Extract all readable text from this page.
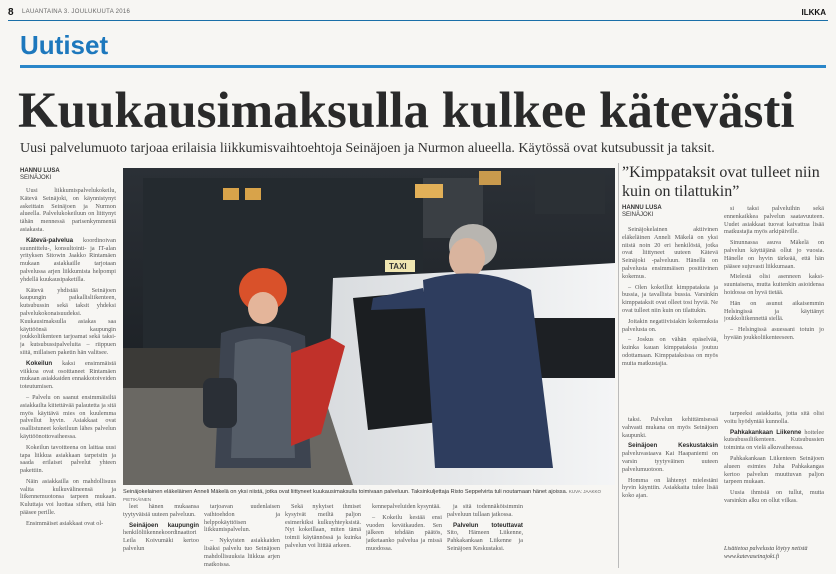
8 LAUANTAINA 3. JOULUKUUTA 2016	ILKKA
Uutiset
Kuukausimaksulla kulkee kätevästi
Uusi palvelumuoto tarjoaa erilaisia liikkumisvaihtoehtoja Seinäjoen ja Nurmon alueella. Käytössä ovat kutsubussit ja taksit.
HANNU LUSA
SEINÄJOKI

Uusi liikkumispalvelukokeilu, Kätevä Seinäjoki, on käynnistynyt askeittain Seinäjoen ja Nurmon alueella. Palvelukokeiluun on liittynyt tähän mennessä parisenkymmentä asiakasta.

Kätevä-palvelua koordinoivan suunnittelu-, konsultointi- ja IT-alan yrityksen Sitowin Jaakko Rintamäen mukaan asiakkaille tarjotaan palvelussa arjen liikkumista helpompi yhdellä kuukausipaketilla.

Kätevä yhdistää Seinäjoen kaupungin paikallisliikenteen, kutsubussin sekä taksit yhdeksi palvelukokonaisuudeksi. Kuukausimaksulla asiakas saa käyttöönsä kaupungin joukkoliikenteen tarjoamat sekä taksi- ja kutsubussipalveluita – riippuen siitä, millaisen paketin hän valitsee.

Kokeilun kaksi ensimmäistä viikkoa ovat osoittaneet Rintamäen mukaan asiakkaiden ennakkotoiveiden toteutumisen.

– Palvelu on saanut ensimmäisiltä asiakkailta kiitettävää palautetta ja sitä myös käyttävä mies on kuulemma palvellut hyvin. Asiakkaat ovat osallistuneet kokeiluun lähes palvelun käyttöönottovaiheessa.

Kokeilun tavoitteena on laittaa uusi tapa liikkua asiakkaan tarpeisiin ja saada erilaiset palvelut yhteen pakettiin.

Näin asiakkailla on mahdollisuus valita kulkuvälineensä ja liikennemuotonsa tarpeen mukaan. Kuluttaja voi luottaa siihen, että hän pääsee perille.

Ensimmäiset asiakkaat ovat ol-

TAXI
Seinäjokelainen eläkeläinen Anneli Mäkelä on yksi niistä, jotka ovat liittyneet kuukausimaksulla toimivaan palveluun. Taksinkuljettaja Risto Seppelvirta tuli noutamaan hänet ajoissa. KUVA: JAAKKO PIETIKÄINEN

leet hänen mukaansa tyytyväisiä uuteen palveluun.

Seinäjoen kaupungin henkilöliikennekoordinaattori Leila Koivumäki kertoo palvelun

tarjoavan uudenlaisen vaihtoehdon ja helppokäyttöisen liikkumispalvelun.

– Nykyisten asiakkaiden lisäksi palvelu tuo Seinäjoen mahdollisuuksia liikkua arjen matkoissa.

Sekä nykyiset ihmiset kysyivät meiltä paljon esimerkiksi kulkuyhteyksistä. Nyt kokeillaan, miten tämä toimii käytännössä ja kuinka palvelun voi liittää arkeen.

kennepalveluiden kysyntää.

– Kokeilu kestää ensi vuoden kevätkauden. Sen jälkeen tehdään päätös, jatketaanko palvelua ja missä muodossa.

ja sitä todennäköisimmin palveluun tullaan jatkossa.

Palvelun toteuttavat Sito, Hämeen Liikenne, Pahkakankaan Liikenne ja Seinäjoen Keskustaksi.

”Kimppataksit ovat tulleet niin kuin on tilattukin”
HANNU LUSA
SEINÄJOKI

Seinäjokelainen aktiivinen eläkeläinen Anneli Mäkelä on yksi niistä noin 20 eri henkilöstä, jotka ovat liittyneet uuteen Kätevä Seinäjoki -palveluun. Hänellä on palvelusta ensimmäisen positiivinen kokemus.

– Olen kokeillut kimppataksia ja bussia, ja tavallista bussia. Varsinkin kimppataksit ovat olleet tosi hyviä. Ne ovat tulleet niin kuin on tilattukin.

Joitakin negatiivisiakin kokemuksia palvelusta on.

– Joskus on vähän epäselvää, kuinka kauan kimppataksia joutuu odottamaan. Kimppataksissa on myös muita matkustajia.

taksi. Palvelun kehittämisessä vahvasti mukana on myös Seinäjoen kaupunki.

Seinäjoen Keskustaksin palveluvastaava Kai Haapaniemi on varsin tyytyväinen uuteen palvelumuotoon.

Homma on lähtenyt mielestäni hyvin käyntiin. Asiakkaita tulee lisää koko ajan.

si taksi palveluihin sekä ennenkaikkea palvelun saatavuuteen. Uudet asiakkaat tuovat kaivattua lisää matkustajia myös arkipäiville.

Sinunnassa asuva Mäkelä on palvelun käyttäjänä ollut jo vuosia. Hänelle on hyvin tärkeää, että hän pääsee sujuvasti liikkumaan.

Mielestä olisi asenneen kaksi-suuntaisena, mutta kuitenkin asioidensa hoidossa on hyvä tietää.

Hän on asunut aikaisemmin Helsingissä ja käyttänyt joukkoliikennettä siellä.

– Helsingissä asuessani totuin jo hyvään joukkoliikenteeseen.

tarpeeksi asiakkaita, jotta sitä olisi voitu hyödyntää kunnolla.

Pahkakankaan Liikenne hoitelee kutsubussiliikenteen. Kutsubussien toiminta on vielä alkuvaiheessa.

Pahkakankaan Liikenteen Seinäjoen alueen esimies Juha Pahkakangas kertoo palvelun muuttuvan paljon tarpeen mukaan.

Uusia ihmisiä on tullut, mutta varsinkin alku on ollut vilkas.

Lisätietoa palvelusta löytyy netistä www.katevaseinajoki.fi
